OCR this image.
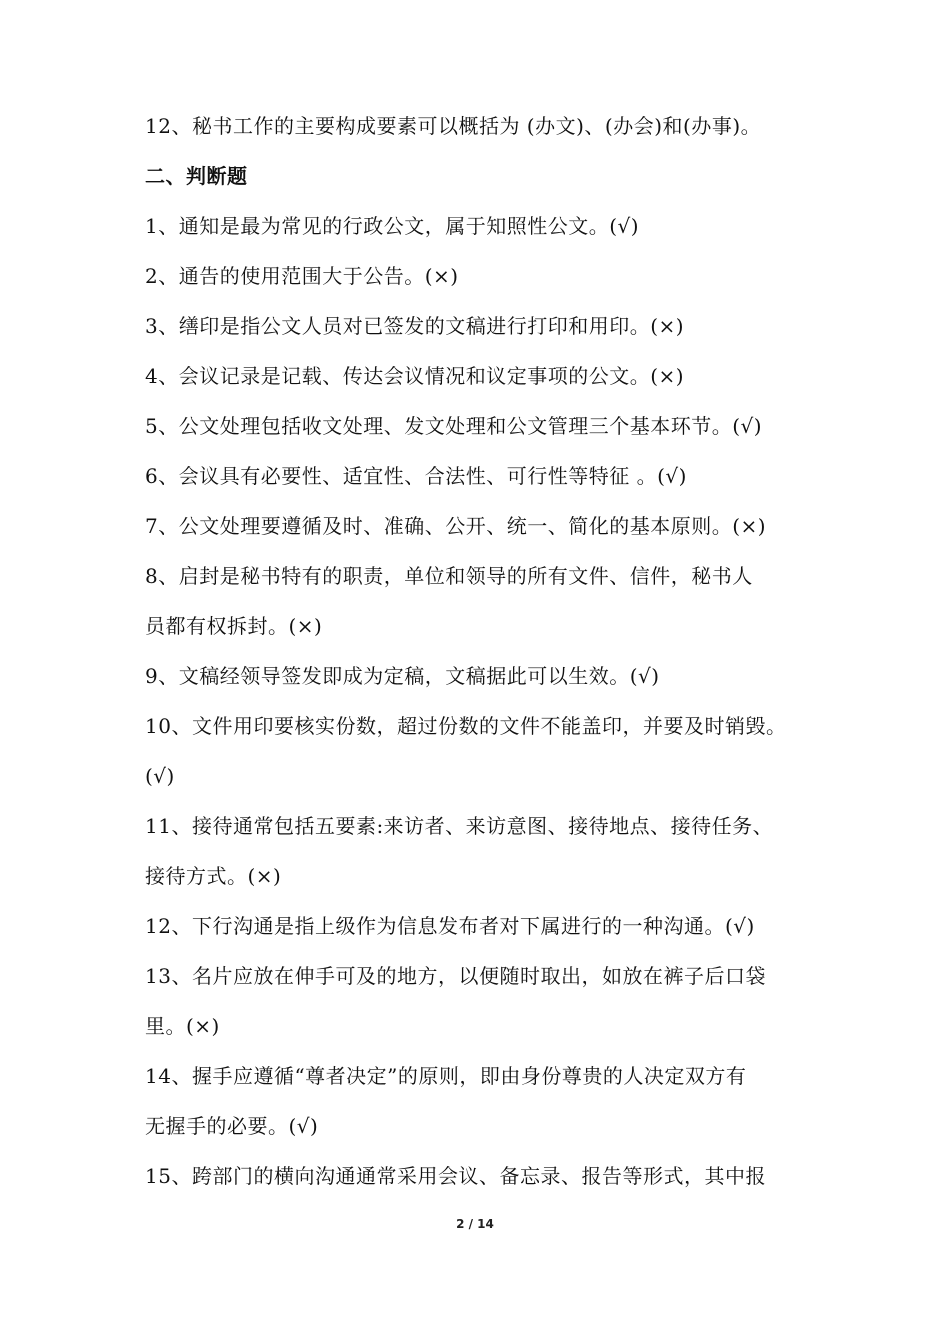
12、秘书工作的主要构成要素可以概括为 (办文)、(办会)和(办事)。
二、判断题
1、通知是最为常见的行政公文，属于知照性公文。(√)
2、通告的使用范围大于公告。(×)
3、缮印是指公文人员对已签发的文稿进行打印和用印。(×)
4、会议记录是记载、传达会议情况和议定事项的公文。(×)
5、公文处理包括收文处理、发文处理和公文管理三个基本环节。(√)
6、会议具有必要性、适宜性、合法性、可行性等特征 。(√)
7、公文处理要遵循及时、准确、公开、统一、简化的基本原则。(×)
8、启封是秘书特有的职责，单位和领导的所有文件、信件，秘书人
员都有权拆封。(×)
9、文稿经领导签发即成为定稿，文稿据此可以生效。(√)
10、文件用印要核实份数，超过份数的文件不能盖印，并要及时销毁。
(√)
11、接待通常包括五要素:来访者、来访意图、接待地点、接待任务、
接待方式。(×)
12、下行沟通是指上级作为信息发布者对下属进行的一种沟通。(√)
13、名片应放在伸手可及的地方，以便随时取出，如放在裤子后口袋
里。(×)
14、握手应遵循“尊者决定”的原则，即由身份尊贵的人决定双方有
无握手的必要。(√)
15、跨部门的横向沟通通常采用会议、备忘录、报告等形式，其中报
2 / 14
